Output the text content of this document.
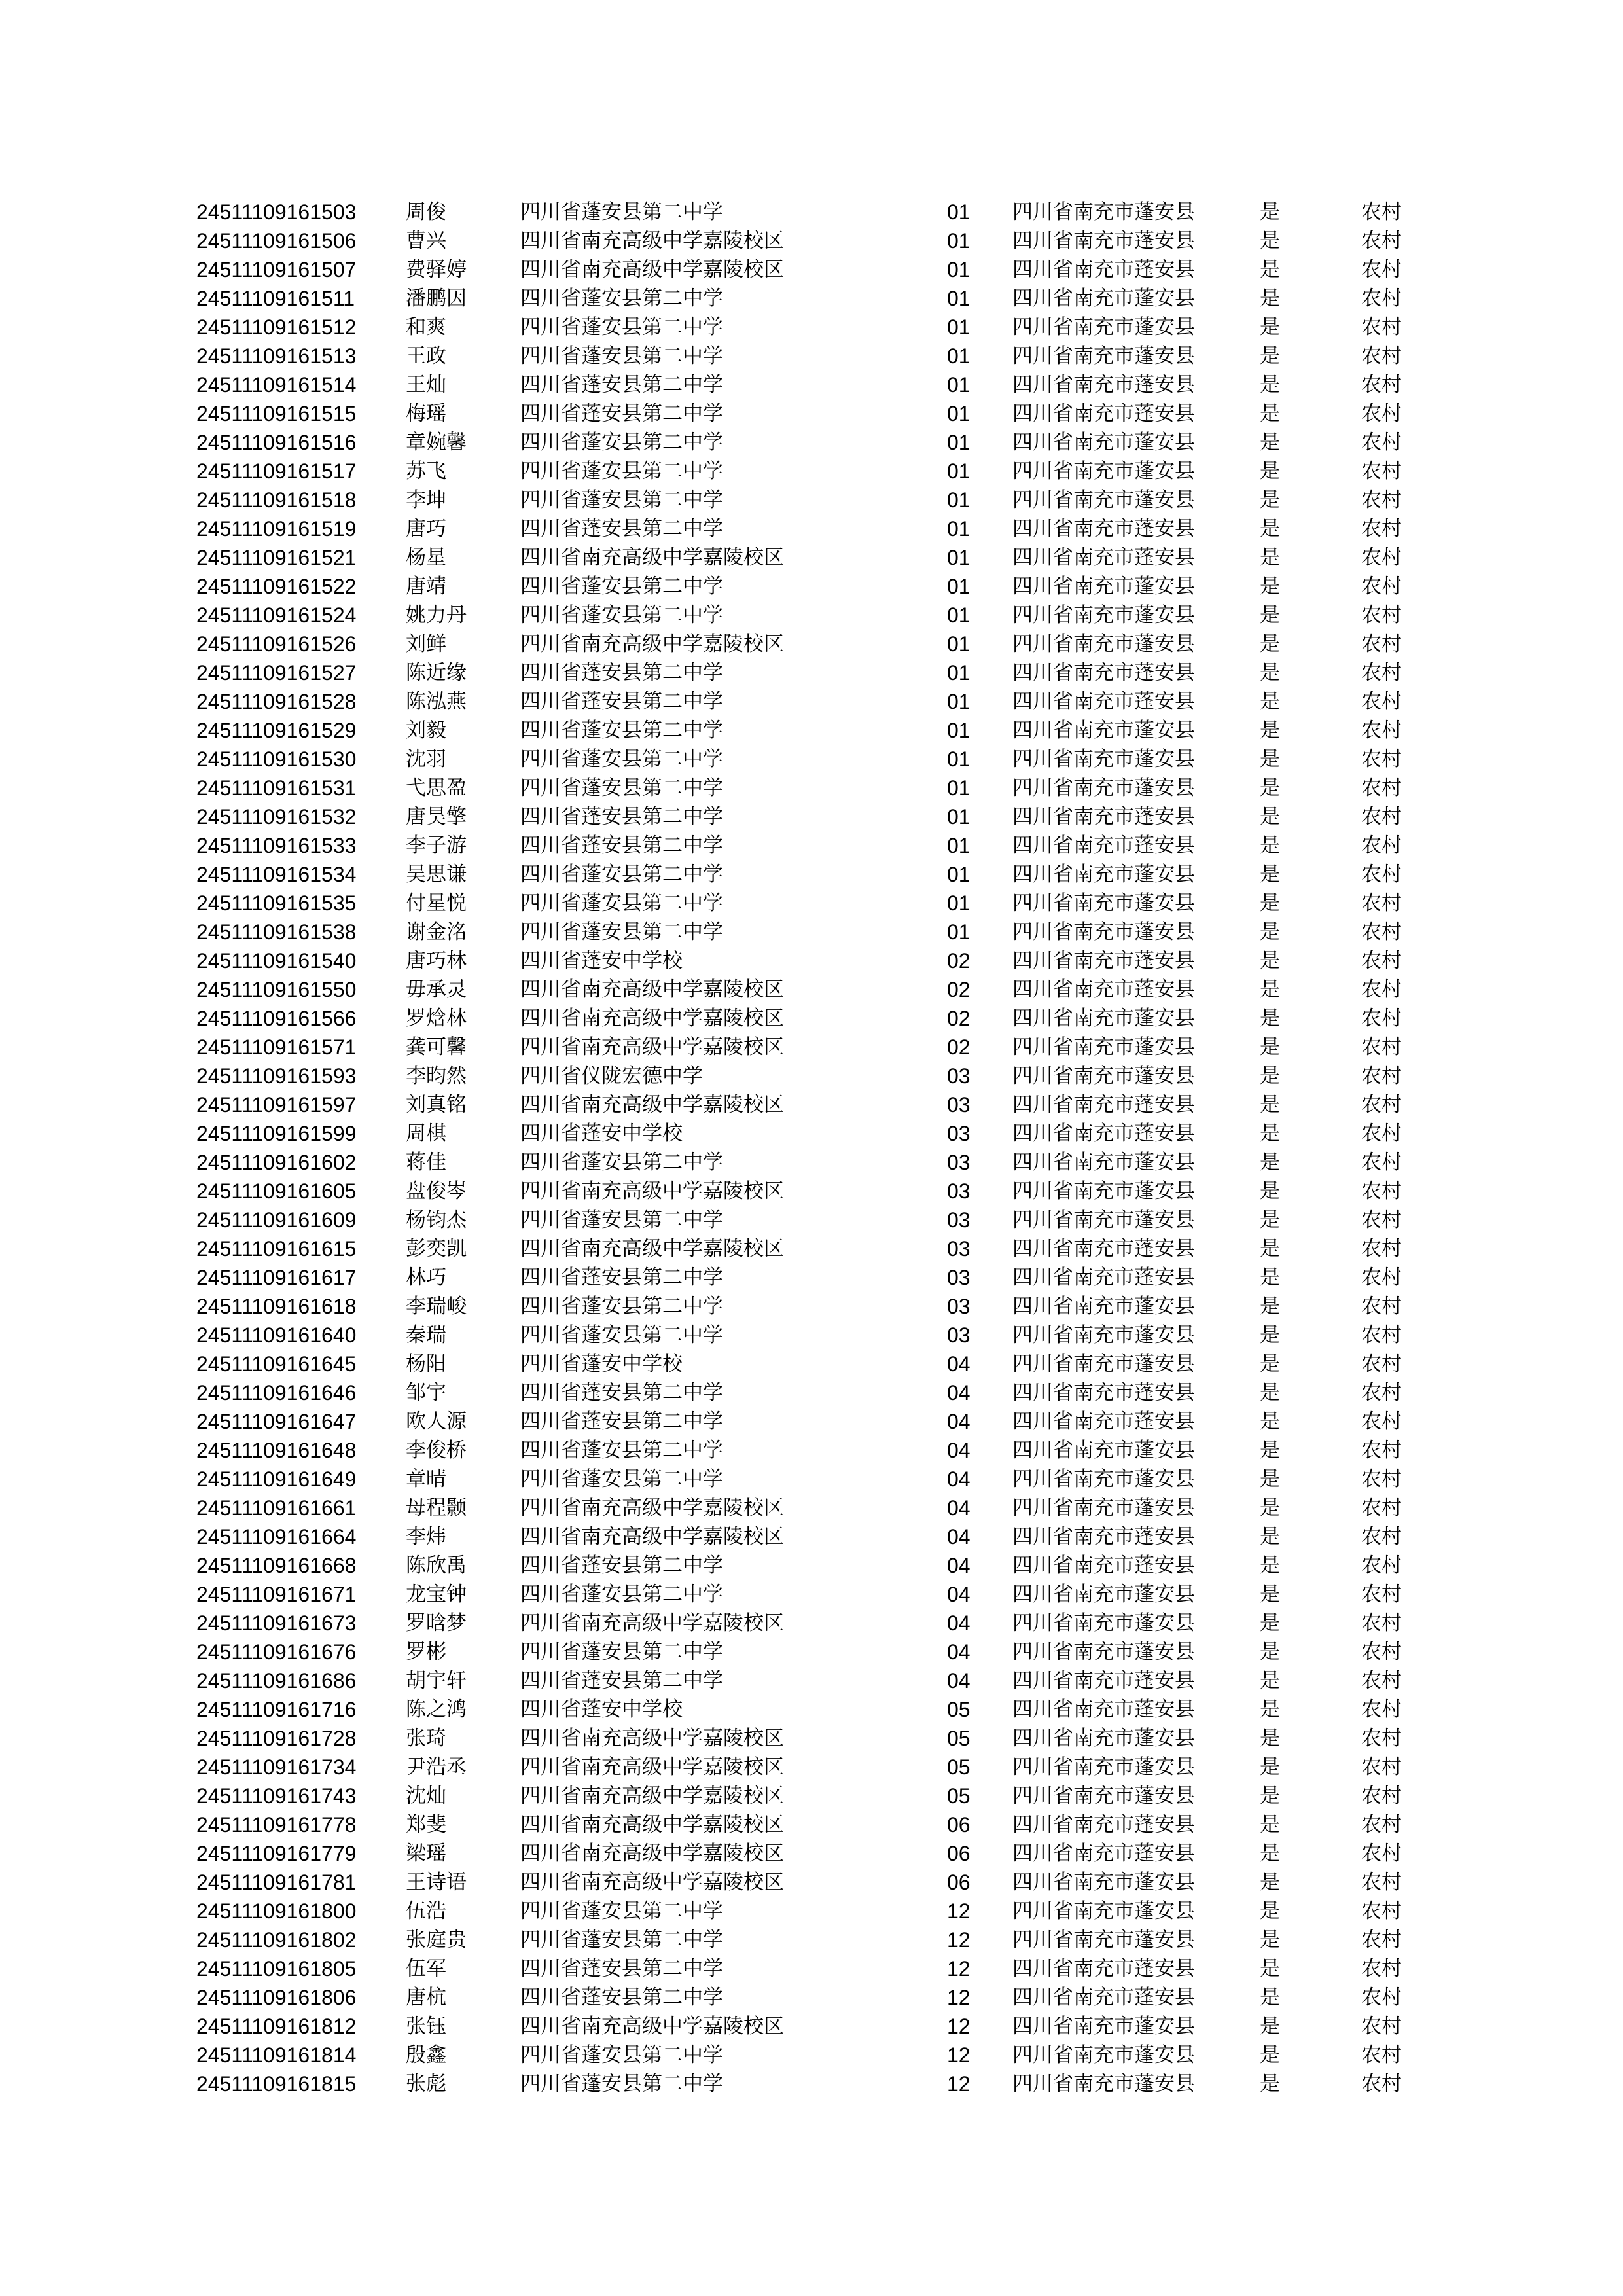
24511109161503	周俊	四川省蓬安县第二中学	01	四川省南充市蓬安县	是	农村
24511109161506	曹兴	四川省南充高级中学嘉陵校区	01	四川省南充市蓬安县	是	农村
24511109161507	费驿婷	四川省南充高级中学嘉陵校区	01	四川省南充市蓬安县	是	农村
24511109161511	潘鹏因	四川省蓬安县第二中学	01	四川省南充市蓬安县	是	农村
24511109161512	和爽	四川省蓬安县第二中学	01	四川省南充市蓬安县	是	农村
24511109161513	王政	四川省蓬安县第二中学	01	四川省南充市蓬安县	是	农村
24511109161514	王灿	四川省蓬安县第二中学	01	四川省南充市蓬安县	是	农村
24511109161515	梅瑶	四川省蓬安县第二中学	01	四川省南充市蓬安县	是	农村
24511109161516	章婉馨	四川省蓬安县第二中学	01	四川省南充市蓬安县	是	农村
24511109161517	苏飞	四川省蓬安县第二中学	01	四川省南充市蓬安县	是	农村
24511109161518	李坤	四川省蓬安县第二中学	01	四川省南充市蓬安县	是	农村
24511109161519	唐巧	四川省蓬安县第二中学	01	四川省南充市蓬安县	是	农村
24511109161521	杨星	四川省南充高级中学嘉陵校区	01	四川省南充市蓬安县	是	农村
24511109161522	唐靖	四川省蓬安县第二中学	01	四川省南充市蓬安县	是	农村
24511109161524	姚力丹	四川省蓬安县第二中学	01	四川省南充市蓬安县	是	农村
24511109161526	刘鲜	四川省南充高级中学嘉陵校区	01	四川省南充市蓬安县	是	农村
24511109161527	陈近缘	四川省蓬安县第二中学	01	四川省南充市蓬安县	是	农村
24511109161528	陈泓燕	四川省蓬安县第二中学	01	四川省南充市蓬安县	是	农村
24511109161529	刘毅	四川省蓬安县第二中学	01	四川省南充市蓬安县	是	农村
24511109161530	沈羽	四川省蓬安县第二中学	01	四川省南充市蓬安县	是	农村
24511109161531	弋思盈	四川省蓬安县第二中学	01	四川省南充市蓬安县	是	农村
24511109161532	唐昊擎	四川省蓬安县第二中学	01	四川省南充市蓬安县	是	农村
24511109161533	李子游	四川省蓬安县第二中学	01	四川省南充市蓬安县	是	农村
24511109161534	吴思谦	四川省蓬安县第二中学	01	四川省南充市蓬安县	是	农村
24511109161535	付星悦	四川省蓬安县第二中学	01	四川省南充市蓬安县	是	农村
24511109161538	谢金洺	四川省蓬安县第二中学	01	四川省南充市蓬安县	是	农村
24511109161540	唐巧林	四川省蓬安中学校	02	四川省南充市蓬安县	是	农村
24511109161550	毋承灵	四川省南充高级中学嘉陵校区	02	四川省南充市蓬安县	是	农村
24511109161566	罗焓林	四川省南充高级中学嘉陵校区	02	四川省南充市蓬安县	是	农村
24511109161571	龚可馨	四川省南充高级中学嘉陵校区	02	四川省南充市蓬安县	是	农村
24511109161593	李昀然	四川省仪陇宏德中学	03	四川省南充市蓬安县	是	农村
24511109161597	刘真铭	四川省南充高级中学嘉陵校区	03	四川省南充市蓬安县	是	农村
24511109161599	周棋	四川省蓬安中学校	03	四川省南充市蓬安县	是	农村
24511109161602	蒋佳	四川省蓬安县第二中学	03	四川省南充市蓬安县	是	农村
24511109161605	盘俊岑	四川省南充高级中学嘉陵校区	03	四川省南充市蓬安县	是	农村
24511109161609	杨钧杰	四川省蓬安县第二中学	03	四川省南充市蓬安县	是	农村
24511109161615	彭奕凯	四川省南充高级中学嘉陵校区	03	四川省南充市蓬安县	是	农村
24511109161617	林巧	四川省蓬安县第二中学	03	四川省南充市蓬安县	是	农村
24511109161618	李瑞峻	四川省蓬安县第二中学	03	四川省南充市蓬安县	是	农村
24511109161640	秦瑞	四川省蓬安县第二中学	03	四川省南充市蓬安县	是	农村
24511109161645	杨阳	四川省蓬安中学校	04	四川省南充市蓬安县	是	农村
24511109161646	邹宇	四川省蓬安县第二中学	04	四川省南充市蓬安县	是	农村
24511109161647	欧人源	四川省蓬安县第二中学	04	四川省南充市蓬安县	是	农村
24511109161648	李俊桥	四川省蓬安县第二中学	04	四川省南充市蓬安县	是	农村
24511109161649	章晴	四川省蓬安县第二中学	04	四川省南充市蓬安县	是	农村
24511109161661	母程颢	四川省南充高级中学嘉陵校区	04	四川省南充市蓬安县	是	农村
24511109161664	李炜	四川省南充高级中学嘉陵校区	04	四川省南充市蓬安县	是	农村
24511109161668	陈欣禹	四川省蓬安县第二中学	04	四川省南充市蓬安县	是	农村
24511109161671	龙宝钟	四川省蓬安县第二中学	04	四川省南充市蓬安县	是	农村
24511109161673	罗晗梦	四川省南充高级中学嘉陵校区	04	四川省南充市蓬安县	是	农村
24511109161676	罗彬	四川省蓬安县第二中学	04	四川省南充市蓬安县	是	农村
24511109161686	胡宇轩	四川省蓬安县第二中学	04	四川省南充市蓬安县	是	农村
24511109161716	陈之鸿	四川省蓬安中学校	05	四川省南充市蓬安县	是	农村
24511109161728	张琦	四川省南充高级中学嘉陵校区	05	四川省南充市蓬安县	是	农村
24511109161734	尹浩丞	四川省南充高级中学嘉陵校区	05	四川省南充市蓬安县	是	农村
24511109161743	沈灿	四川省南充高级中学嘉陵校区	05	四川省南充市蓬安县	是	农村
24511109161778	郑斐	四川省南充高级中学嘉陵校区	06	四川省南充市蓬安县	是	农村
24511109161779	梁瑶	四川省南充高级中学嘉陵校区	06	四川省南充市蓬安县	是	农村
24511109161781	王诗语	四川省南充高级中学嘉陵校区	06	四川省南充市蓬安县	是	农村
24511109161800	伍浩	四川省蓬安县第二中学	12	四川省南充市蓬安县	是	农村
24511109161802	张庭贵	四川省蓬安县第二中学	12	四川省南充市蓬安县	是	农村
24511109161805	伍军	四川省蓬安县第二中学	12	四川省南充市蓬安县	是	农村
24511109161806	唐杭	四川省蓬安县第二中学	12	四川省南充市蓬安县	是	农村
24511109161812	张钰	四川省南充高级中学嘉陵校区	12	四川省南充市蓬安县	是	农村
24511109161814	殷鑫	四川省蓬安县第二中学	12	四川省南充市蓬安县	是	农村
24511109161815	张彪	四川省蓬安县第二中学	12	四川省南充市蓬安县	是	农村
